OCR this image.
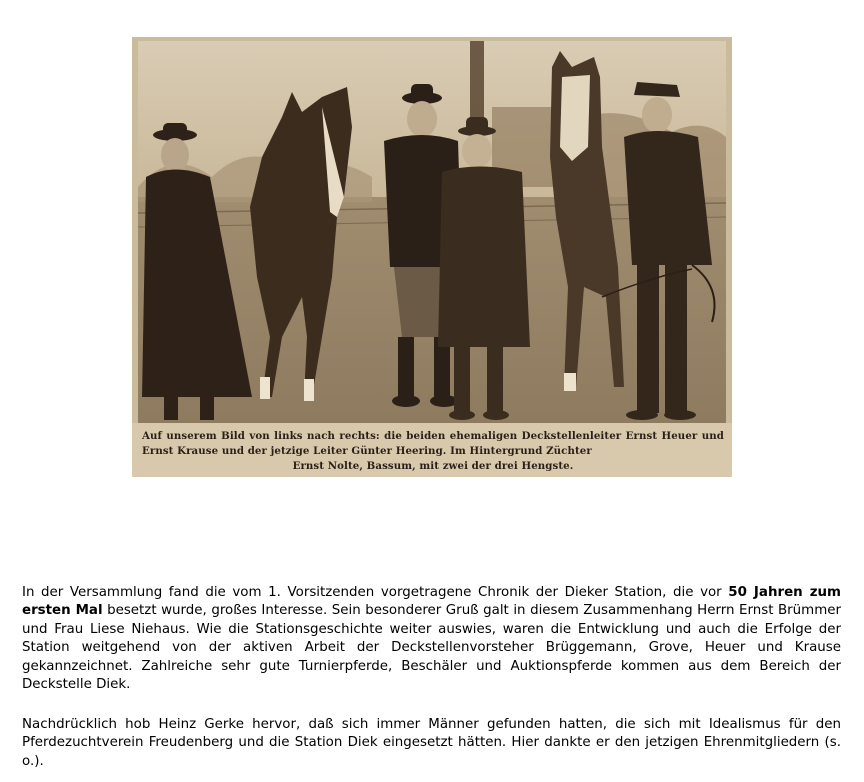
Auf unserem Bild von links nach rechts: die beiden ehemaligen Deckstellenleiter Ernst Heuer und Ernst Krause und der jetzige Leiter Günter Heering. Im Hintergrund Züchter
Ernst Nolte, Bassum, mit zwei der drei Hengste.

In der Versammlung fand die vom 1. Vorsitzenden vorgetragene Chronik der Dieker Station, die vor 50 Jahren zum ersten Mal besetzt wurde, großes Interesse. Sein besonderer Gruß galt in diesem Zusammenhang Herrn Ernst Brümmer und Frau Liese Niehaus. Wie die Stationsgeschichte weiter auswies, waren die Entwicklung und auch die Erfolge der Station weitgehend von der aktiven Arbeit der Deckstellenvorsteher Brüggemann, Grove, Heuer und Krause gekannzeichnet. Zahlreiche sehr gute Turnierpferde, Beschäler und Auktionspferde kommen aus dem Bereich der Deckstelle Diek.

Nachdrücklich hob Heinz Gerke hervor, daß sich immer Männer gefunden hatten, die sich mit Idealismus für den Pferdezuchtverein Freudenberg und die Station Diek eingesetzt hätten. Hier dankte er den jetzigen Ehrenmitgliedern (s. o.).
